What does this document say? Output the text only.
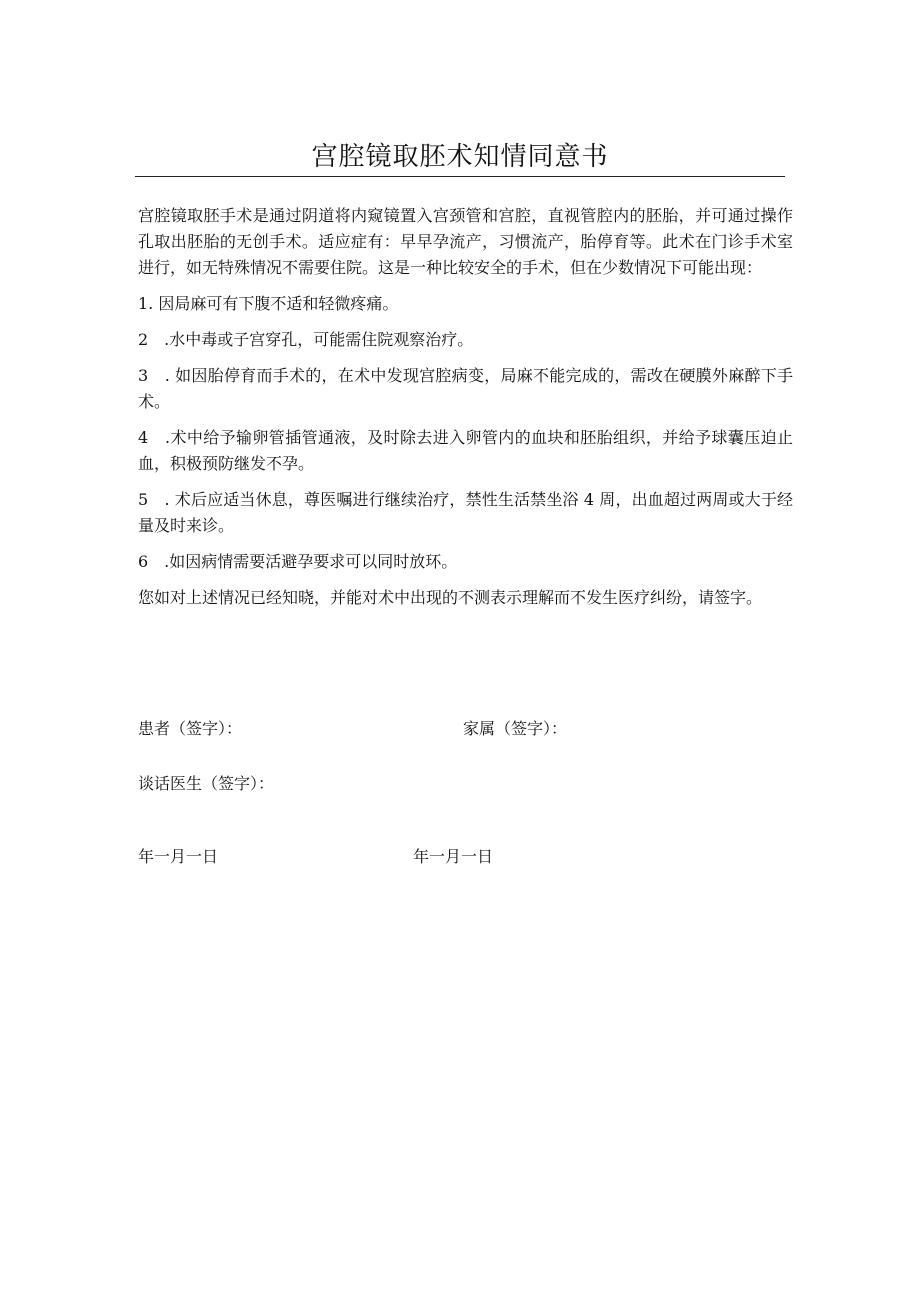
宫腔镜取胚术知情同意书

宫腔镜取胚手术是通过阴道将内窥镜置入宫颈管和宫腔，直视管腔内的胚胎，并可通过操作孔取出胚胎的无创手术。适应症有：早早孕流产，习惯流产，胎停育等。此术在门诊手术室进行，如无特殊情况不需要住院。这是一种比较安全的手术，但在少数情况下可能出现：

1. 因局麻可有下腹不适和轻微疼痛。

2　.水中毒或子宫穿孔，可能需住院观察治疗。

3　. 如因胎停育而手术的，在术中发现宫腔病变，局麻不能完成的，需改在硬膜外麻醉下手术。

4　.术中给予输卵管插管通液，及时除去进入卵管内的血块和胚胎组织，并给予球囊压迫止血，积极预防继发不孕。

5　. 术后应适当休息，尊医嘱进行继续治疗，禁性生活禁坐浴 4 周，出血超过两周或大于经量及时来诊。

6　.如因病情需要活避孕要求可以同时放环。

您如对上述情况已经知晓，并能对术中出现的不测表示理解而不发生医疗纠纷，请签字。

患者（签字）：	家属（签字）：
谈话医生（签字）：
年一月一日	年一月一日
